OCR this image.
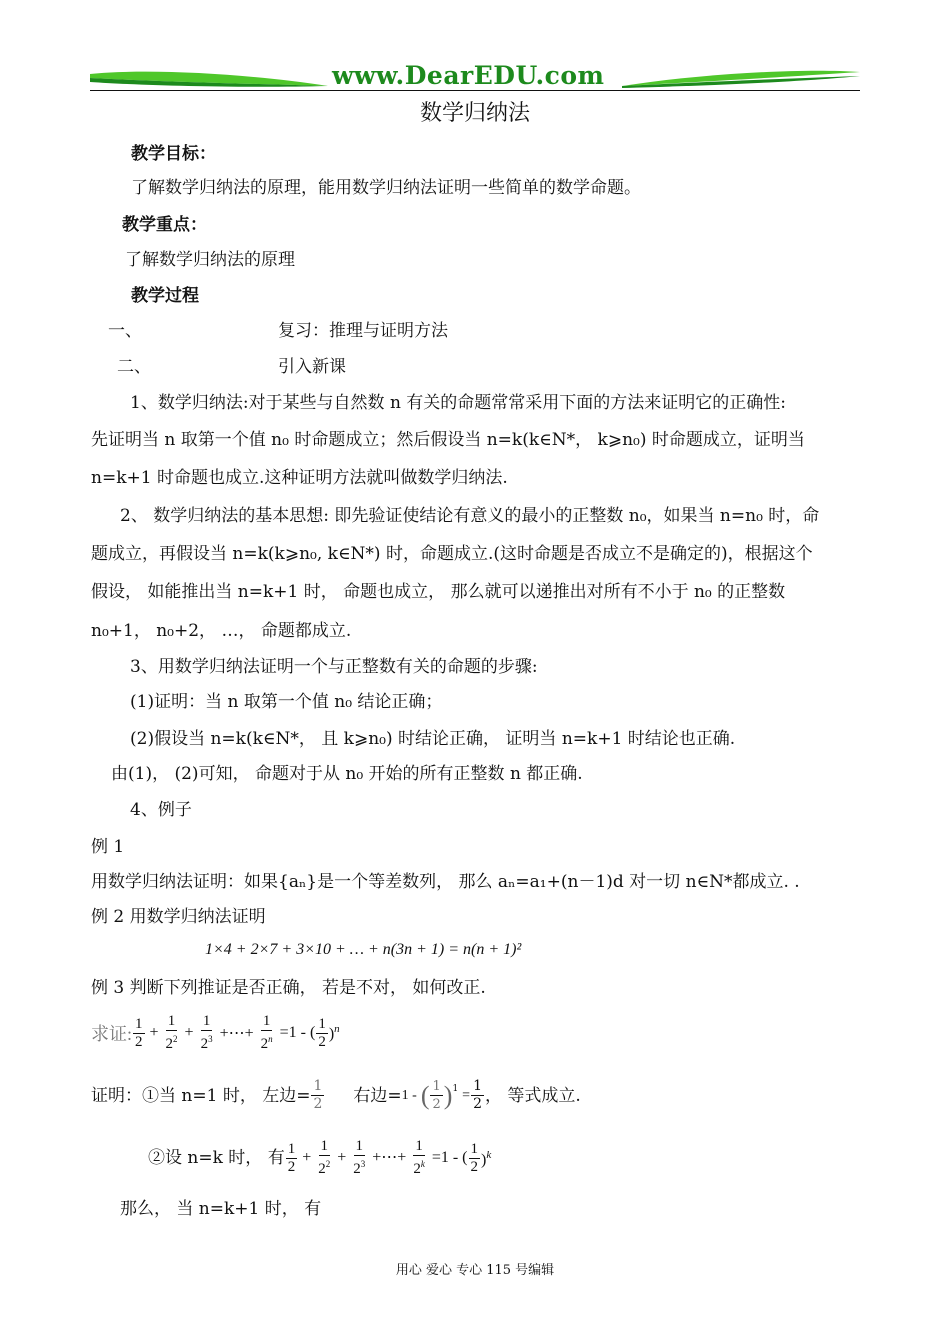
www.DearEDU.com
数学归纳法
教学目标：
了解数学归纳法的原理，能用数学归纳法证明一些简单的数学命题。
教学重点：
了解数学归纳法的原理
教学过程
一、	复习：推理与证明方法
二、	引入新课
1、数学归纳法:对于某些与自然数 n 有关的命题常常采用下面的方法来证明它的正确性:
先证明当 n 取第一个值 n₀ 时命题成立；然后假设当 n=k(k∈N*， k⩾n₀) 时命题成立，证明当
n=k+1 时命题也成立.这种证明方法就叫做数学归纳法.
2、 数学归纳法的基本思想: 即先验证使结论有意义的最小的正整数 n₀，如果当 n=n₀ 时，命
题成立，再假设当 n=k(k⩾n₀, k∈N*) 时，命题成立.(这时命题是否成立不是确定的)，根据这个
假设， 如能推出当 n=k+1 时， 命题也成立， 那么就可以递推出对所有不小于 n₀ 的正整数
n₀+1， n₀+2， …， 命题都成立.
3、用数学归纳法证明一个与正整数有关的命题的步骤:
(1)证明：当 n 取第一个值 n₀ 结论正确；
(2)假设当 n=k(k∈N*， 且 k⩾n₀) 时结论正确， 证明当 n=k+1 时结论也正确.
由(1)， (2)可知， 命题对于从 n₀ 开始的所有正整数 n 都正确.
4、例子
例 1
用数学归纳法证明：如果{aₙ}是一个等差数列， 那么 aₙ=a₁+(n－1)d 对一切 n∈N*都成立. .
例 2 用数学归纳法证明
1×4 + 2×7 + 3×10 + … + n(3n + 1) = n(n + 1)²
例 3 判断下列推证是否正确， 若是不对， 如何改正.
求证: $\frac{1}{2} + \frac{1}{2^2} + \frac{1}{2^3}$ +⋯+ $\frac{1}{2^n} =1$ - ( $\frac{1}{2} )^n$
证明：①当 n=1 时， 左边= $\frac{1}{2}$ 右边= 1 - ( $\frac{1}{2} )^1 = \frac{1}{2}$ ， 等式成立.
②设 n=k 时， 有 $\frac{1}{2} + \frac{1}{2^2} + \frac{1}{2^3}$ +⋯+ $\frac{1}{2^k} =1$ - ( $\frac{1}{2} )^k$
那么， 当 n=k+1 时， 有
用心 爱心 专心 115 号编辑
